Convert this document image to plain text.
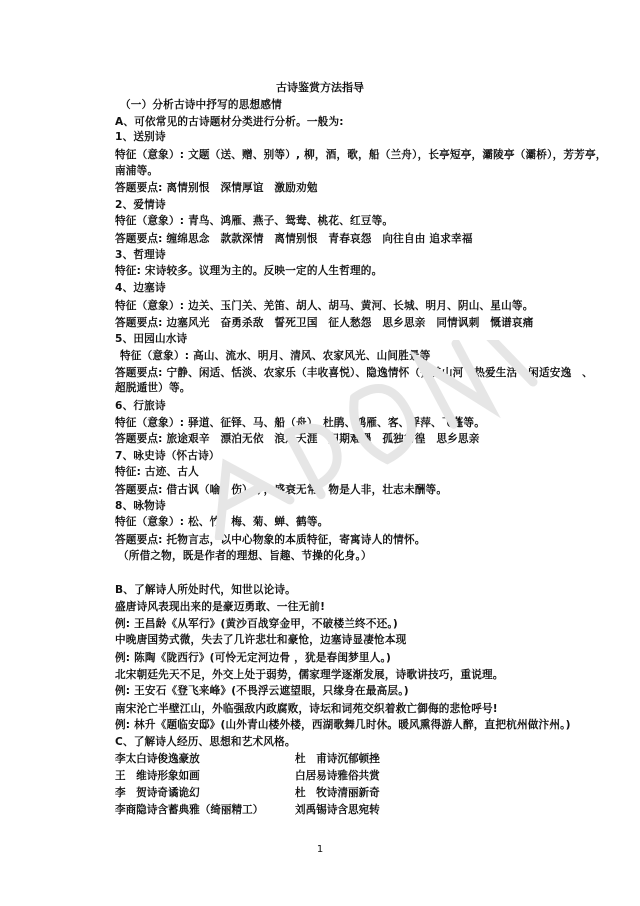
古诗鉴赏方法指导
（一）分析古诗中抒写的思想感情
A、可依常见的古诗题材分类进行分析。一般为:
1、送别诗
特征（意象）: 文题（送、赠、别等）, 柳，酒，歌，船（兰舟），长亭短亭，灞陵亭（灞桥），芳芳亭，
南浦等。
答题要点: 离情别恨　深情厚谊　激励劝勉
2、爱情诗
特征（意象）: 青鸟、鸿雁、燕子、鸳鸯、桃花、红豆等。
答题要点: 缠绵思念　款款深情　离情别恨　青春哀怨　向往自由 追求幸福
3、哲理诗
特征: 宋诗较多。议理为主的。反映一定的人生哲理的。
4、边塞诗
特征（意象）: 边关、玉门关、羌笛、胡人、胡马、黄河、长城、明月、阴山、星山等。
答题要点: 边塞风光　奋勇杀敌　誓死卫国　征人愁怨　思乡思亲　同情讽刺　慨谱哀痛
5、田园山水诗
特征（意象）: 高山、流水、明月、清风、农家风光、山间胜景等
答题要点: 宁静、闲适、恬淡、农家乐（丰收喜悦）、隐逸情怀（赞美山河　热爱生活　闲适安逸　、
超脱遁世）等。
6、行旅诗
特征（意象）: 驿道、征铎、马、船（舟）、杜鹃、鸿雁、客、浮萍、飞蓬等。
答题要点: 旅途艰辛　漂泊无依　浪迹天涯　归期难遇　孤独彷徨　思乡思亲
7、咏史诗（怀古诗）
特征: 古迹、古人
答题要点: 借古讽（喻、伤）今，盛衰无常，物是人非，壮志未酬等。
8、咏物诗
特征（意象）: 松、竹、梅、菊、蝉、鹤等。
答题要点: 托物言志，以中心物象的本质特征，寄寓诗人的情怀。
（所借之物，既是作者的理想、旨趣、节操的化身。）
B、了解诗人所处时代，知世以论诗。
盛唐诗风表现出来的是豪迈勇敢、一往无前!
例: 王昌龄《从军行》(黄沙百战穿金甲，不破楼兰终不还。)
中晚唐国势式微，失去了几许悲壮和豪怆，边塞诗显凄怆本现
例: 陈陶《陇西行》(可怜无定河边骨 ，犹是春闺梦里人。)
北宋朝廷先天不足，外交上处于弱势，儒家理学逐渐发展，诗歌讲技巧，重说理。
例: 王安石《登飞来峰》(不畏浮云遮望眼，只缘身在最高层。)
南宋沦亡半壁江山，外临强敌内政腐败，诗坛和词苑交织着救亡御侮的悲怆呼号!
例: 林升《题临安邸》(山外青山楼外楼，西湖歌舞几时休。暖风熏得游人醉，直把杭州做汴州。)
C、了解诗人经历、思想和艺术风格。
李太白诗俊逸豪放	杜　甫诗沉郁顿挫
王　维诗形象如画	白居易诗雅俗共赏
李　贺诗奇谲诡幻	杜　牧诗清丽新奇
李商隐诗含蓄典雅（绮丽精工）	刘禹锡诗含思宛转
1
